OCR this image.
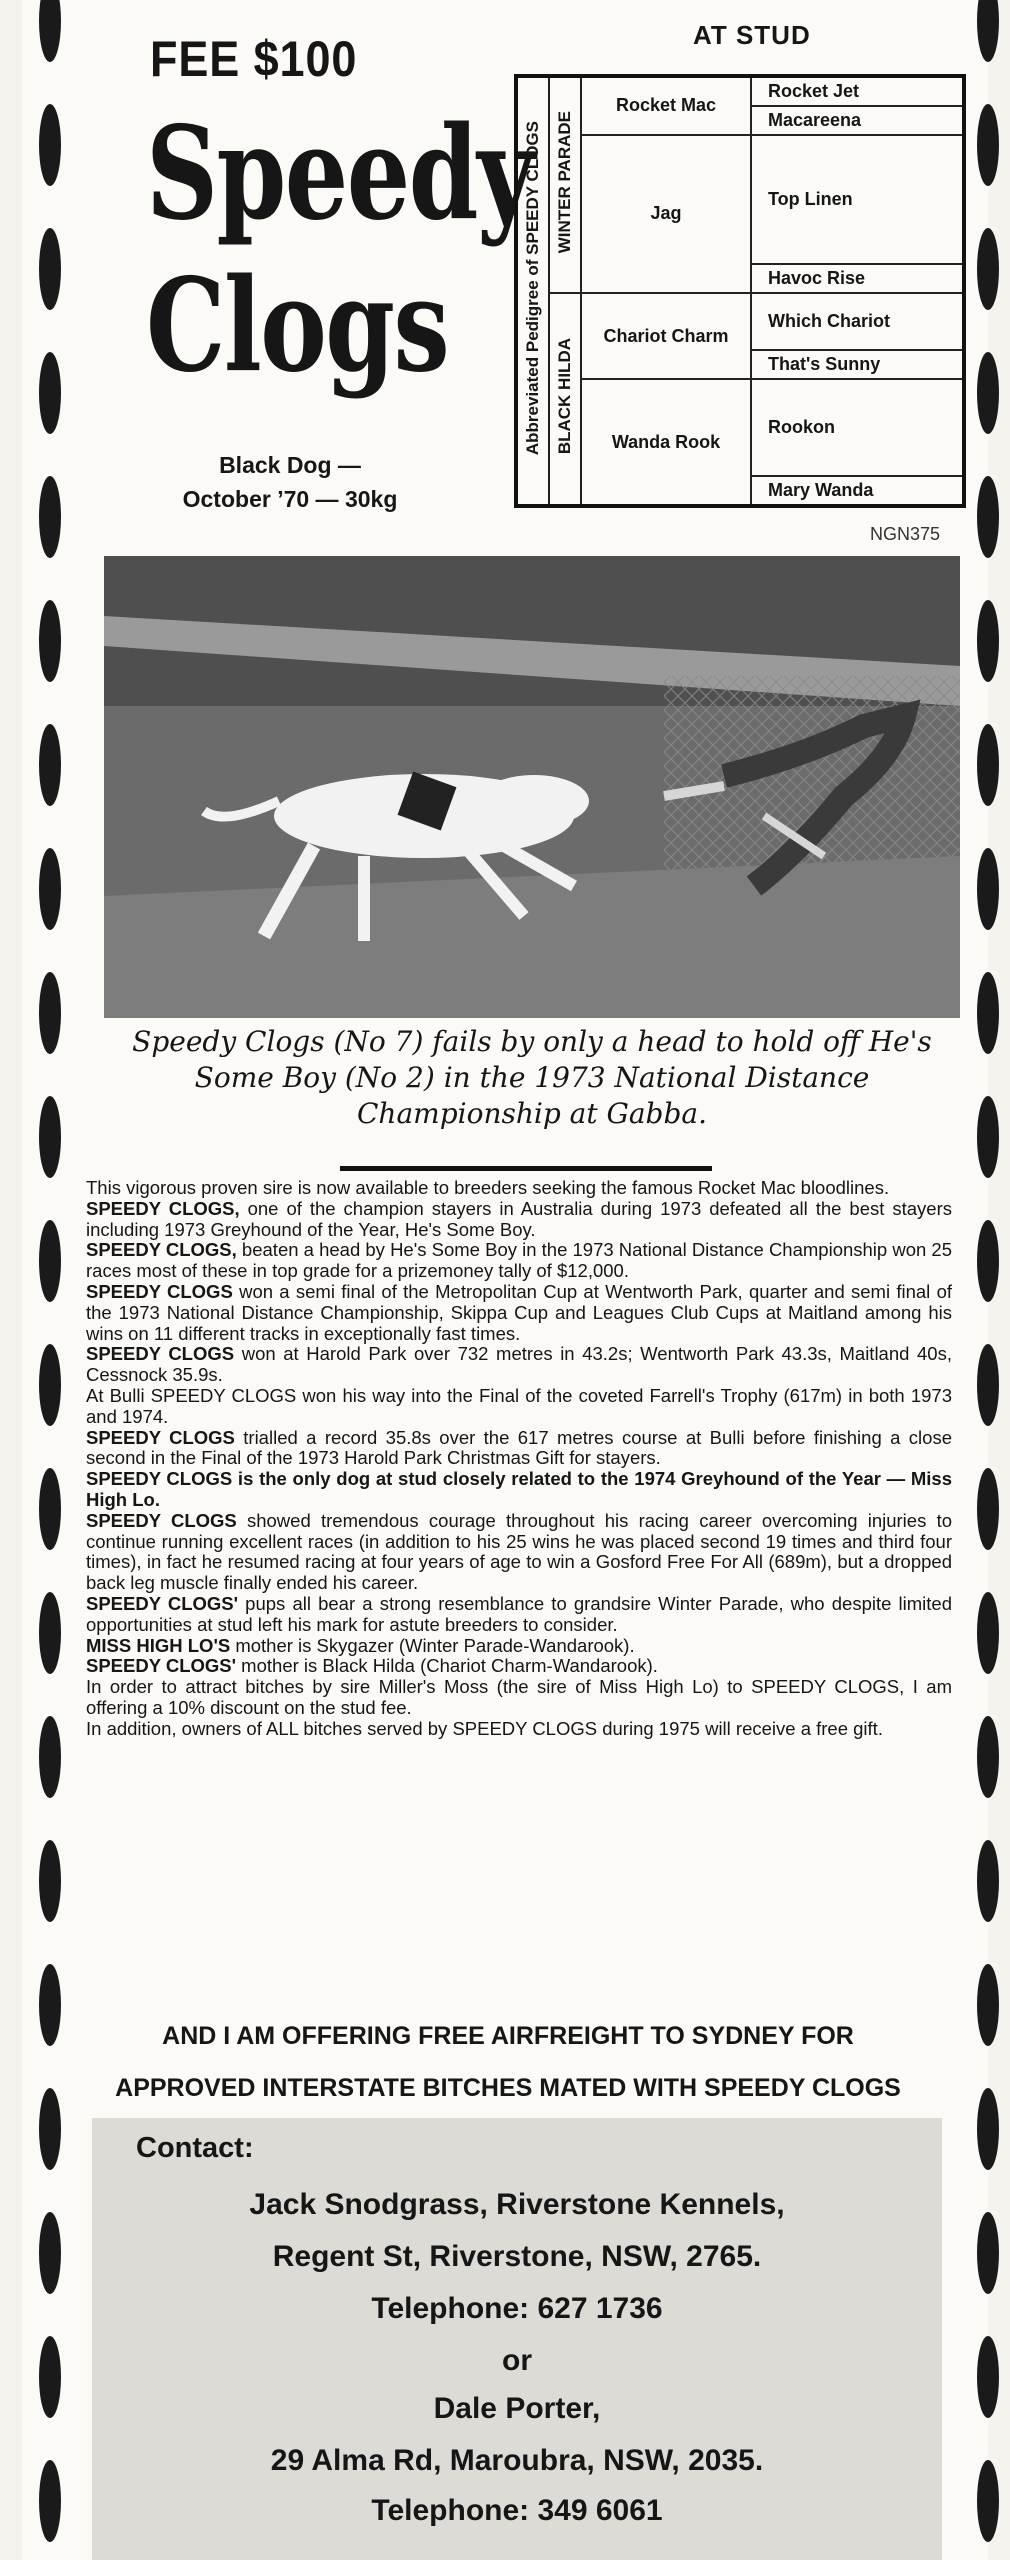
FEE $100
Speedy
Clogs
Black Dog —
October ’70 — 30kg
AT STUD
Abbreviated Pedigree of SPEEDY CLOGS	WINTER PARADE	Rocket Mac	Rocket Jet
			Macareena
		Jag	Top Linen
			Havoc Rise
	BLACK HILDA	Chariot Charm	Which Chariot
			That's Sunny
		Wanda Rook	Rookon
			Mary Wanda
NGN375
Speedy Clogs (No 7) fails by only a head to hold off He's Some Boy (No 2) in the 1973 National Distance Championship at Gabba.

This vigorous proven sire is now available to breeders seeking the famous Rocket Mac bloodlines.

SPEEDY CLOGS, one of the champion stayers in Australia during 1973 defeated all the best stayers including 1973 Greyhound of the Year, He's Some Boy.

SPEEDY CLOGS, beaten a head by He's Some Boy in the 1973 National Distance Championship won 25 races most of these in top grade for a prizemoney tally of $12,000.

SPEEDY CLOGS won a semi final of the Metropolitan Cup at Wentworth Park, quarter and semi final of the 1973 National Distance Championship, Skippa Cup and Leagues Club Cups at Maitland among his wins on 11 different tracks in exceptionally fast times.

SPEEDY CLOGS won at Harold Park over 732 metres in 43.2s; Wentworth Park 43.3s, Maitland 40s, Cessnock 35.9s.

At Bulli SPEEDY CLOGS won his way into the Final of the coveted Farrell's Trophy (617m) in both 1973 and 1974.

SPEEDY CLOGS trialled a record 35.8s over the 617 metres course at Bulli before finishing a close second in the Final of the 1973 Harold Park Christmas Gift for stayers.

SPEEDY CLOGS is the only dog at stud closely related to the 1974 Greyhound of the Year — Miss High Lo.

SPEEDY CLOGS showed tremendous courage throughout his racing career overcoming injuries to continue running excellent races (in addition to his 25 wins he was placed second 19 times and third four times), in fact he resumed racing at four years of age to win a Gosford Free For All (689m), but a dropped back leg muscle finally ended his career.

SPEEDY CLOGS' pups all bear a strong resemblance to grandsire Winter Parade, who despite limited opportunities at stud left his mark for astute breeders to consider.

MISS HIGH LO'S mother is Skygazer (Winter Parade-Wandarook).

SPEEDY CLOGS' mother is Black Hilda (Chariot Charm-Wandarook).

In order to attract bitches by sire Miller's Moss (the sire of Miss High Lo) to SPEEDY CLOGS, I am offering a 10% discount on the stud fee.

In addition, owners of ALL bitches served by SPEEDY CLOGS during 1975 will receive a free gift.

AND I AM OFFERING FREE AIRFREIGHT TO SYDNEY FOR
APPROVED INTERSTATE BITCHES MATED WITH SPEEDY CLOGS
Contact:
Jack Snodgrass, Riverstone Kennels,
Regent St, Riverstone, NSW, 2765.
Telephone: 627 1736
or
Dale Porter,
29 Alma Rd, Maroubra, NSW, 2035.
Telephone: 349 6061
